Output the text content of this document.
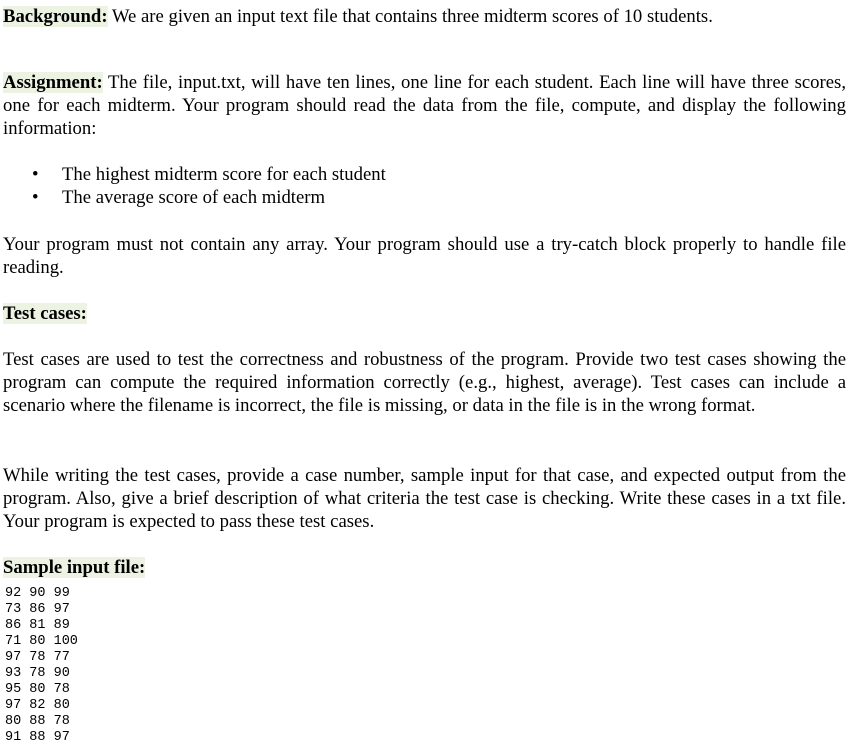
Background: We are given an input text file that contains three midterm scores of 10 students.

Assignment: The file, input.txt, will have ten lines, one line for each student. Each line will have three scores, one for each midterm. Your program should read the data from the file, compute, and display the following information:

• The highest midterm score for each student
• The average score of each midterm

Your program must not contain any array. Your program should use a try-catch block properly to handle file reading.

Test cases:

Test cases are used to test the correctness and robustness of the program. Provide two test cases showing the program can compute the required information correctly (e.g., highest, average). Test cases can include a scenario where the filename is incorrect, the file is missing, or data in the file is in the wrong format.

While writing the test cases, provide a case number, sample input for that case, and expected output from the program. Also, give a brief description of what criteria the test case is checking. Write these cases in a txt file. Your program is expected to pass these test cases.

Sample input file:

92 90 99
73 86 97
86 81 89
71 80 100
97 78 77
93 78 90
95 80 78
97 82 80
80 88 78
91 88 97
